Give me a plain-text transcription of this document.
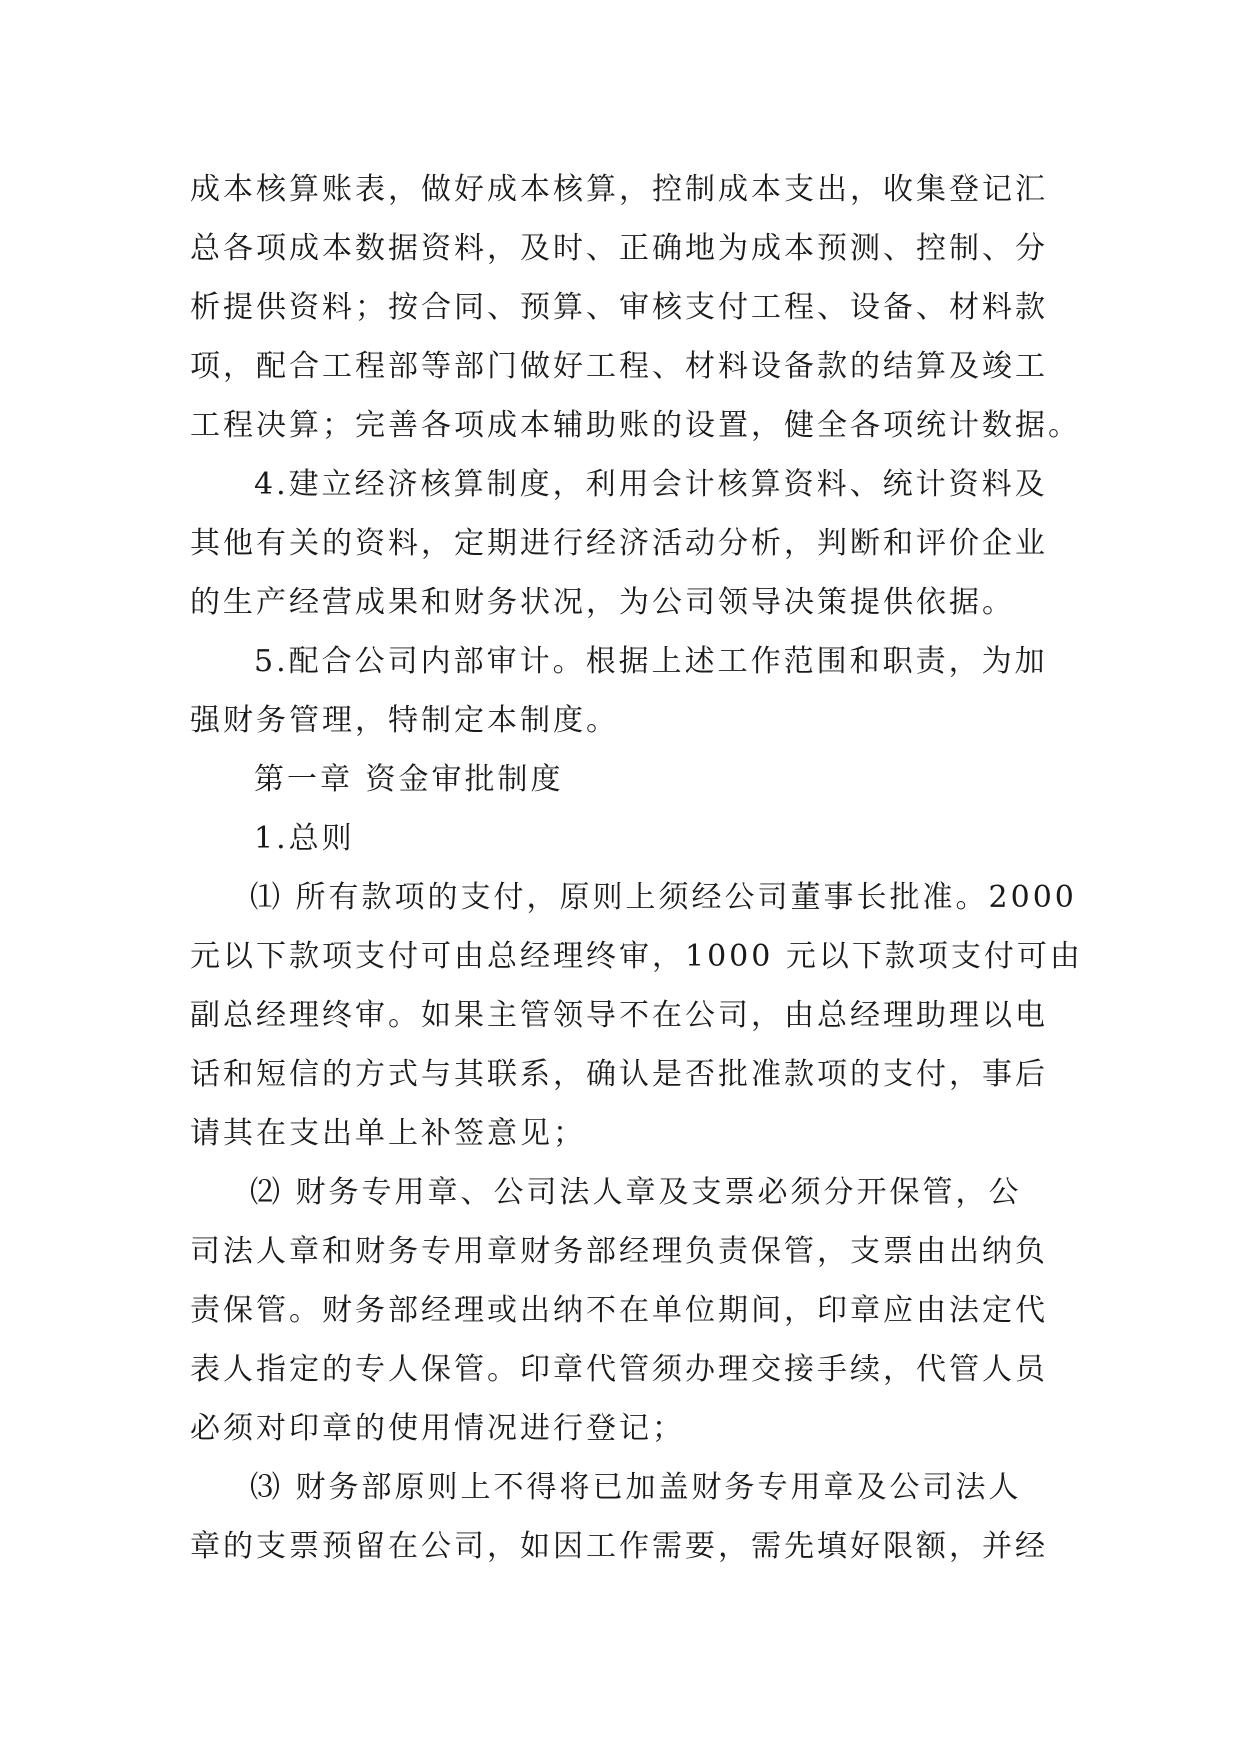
成本核算账表，做好成本核算，控制成本支出，收集登记汇
总各项成本数据资料，及时、正确地为成本预测、控制、分
析提供资料；按合同、预算、审核支付工程、设备、材料款
项，配合工程部等部门做好工程、材料设备款的结算及竣工
工程决算；完善各项成本辅助账的设置，健全各项统计数据。
4.建立经济核算制度，利用会计核算资料、统计资料及
其他有关的资料，定期进行经济活动分析，判断和评价企业
的生产经营成果和财务状况，为公司领导决策提供依据。
5.配合公司内部审计。根据上述工作范围和职责，为加
强财务管理，特制定本制度。
第一章 资金审批制度
1.总则
⑴ 所有款项的支付，原则上须经公司董事长批准。2000
元以下款项支付可由总经理终审，1000 元以下款项支付可由
副总经理终审。如果主管领导不在公司，由总经理助理以电
话和短信的方式与其联系，确认是否批准款项的支付，事后
请其在支出单上补签意见；
⑵ 财务专用章、公司法人章及支票必须分开保管，公
司法人章和财务专用章财务部经理负责保管，支票由出纳负
责保管。财务部经理或出纳不在单位期间，印章应由法定代
表人指定的专人保管。印章代管须办理交接手续，代管人员
必须对印章的使用情况进行登记；
⑶ 财务部原则上不得将已加盖财务专用章及公司法人
章的支票预留在公司，如因工作需要，需先填好限额，并经
